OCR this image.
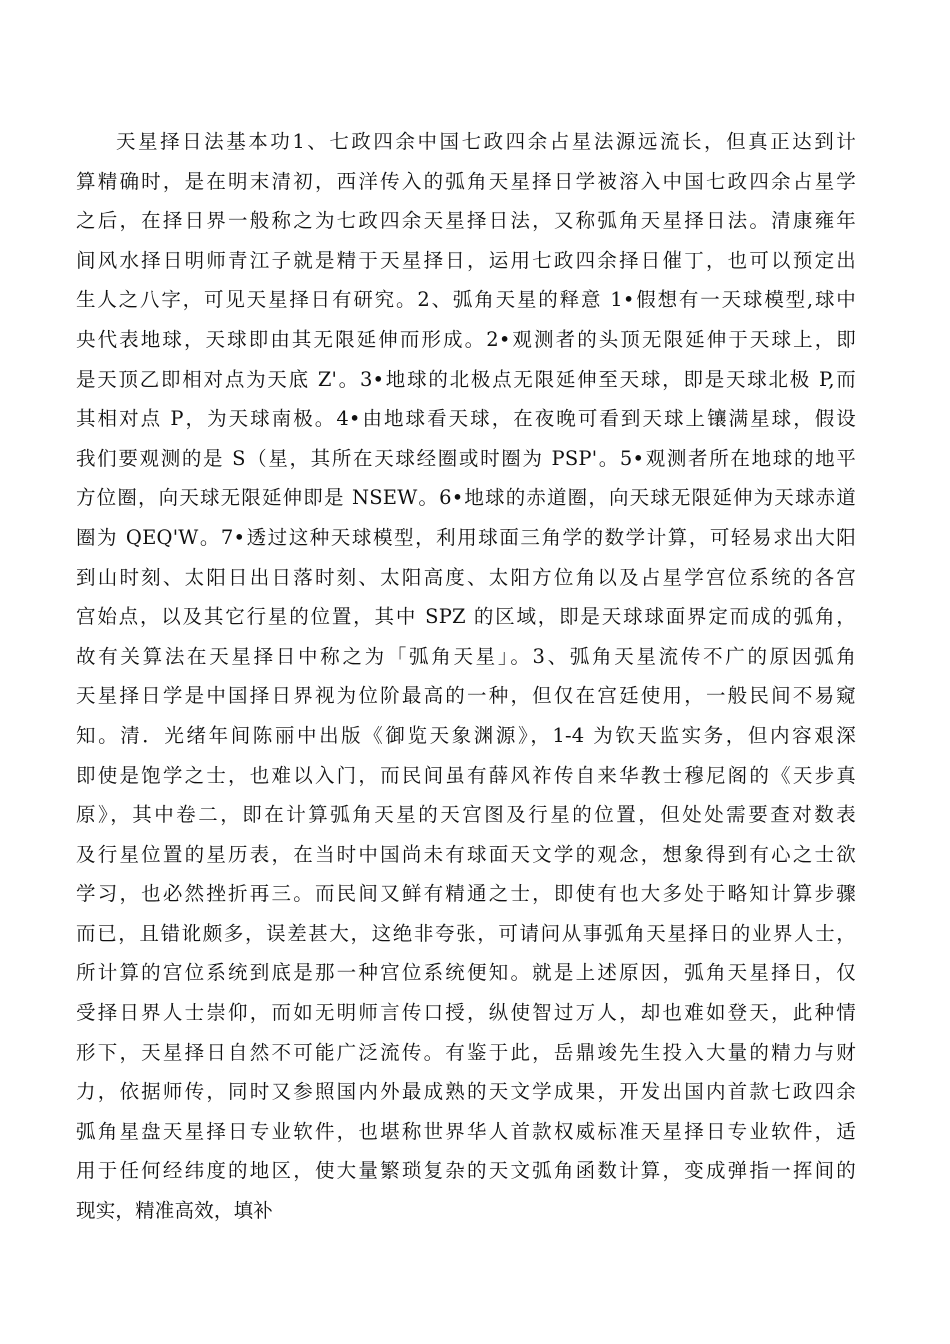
天星择日法基本功1、七政四余中国七政四余占星法源远流长，但真正达到计
算精确时，是在明末清初，西洋传入的弧角天星择日学被溶入中国七政四余占星学
之后，在择日界一般称之为七政四余天星择日法，又称弧角天星择日法。清康雍年
间风水择日明师青江子就是精于天星择日，运用七政四余择日催丁，也可以预定出
生人之八字，可见天星择日有研究。2、弧角天星的释意 1•假想有一天球模型,球中
央代表地球，天球即由其无限延伸而形成。2•观测者的头顶无限延伸于天球上，即
是天顶乙即相对点为天底 Z'。3•地球的北极点无限延伸至天球，即是天球北极 P,而
其相对点 P，为天球南极。4•由地球看天球，在夜晚可看到天球上镶满星球，假设
我们要观测的是 S（星，其所在天球经圈或时圈为 PSP'。5•观测者所在地球的地平
方位圈，向天球无限延伸即是 NSEW。6•地球的赤道圈，向天球无限延伸为天球赤道
圈为 QEQ'W。7•透过这种天球模型，利用球面三角学的数学计算，可轻易求出大阳
到山时刻、太阳日出日落时刻、太阳高度、太阳方位角以及占星学宫位系统的各宫
宫始点，以及其它行星的位置，其中 SPZ 的区域，即是天球球面界定而成的弧角，
故有关算法在天星择日中称之为「弧角天星」。3、弧角天星流传不广的原因弧角
天星择日学是中国择日界视为位阶最高的一种，但仅在宫廷使用，一般民间不易窥
知。清．光绪年间陈丽中出版《御览天象渊源》，1-4 为钦天监实务，但内容艰深
即使是饱学之士，也难以入门，而民间虽有薛风祚传自来华教士穆尼阁的《天步真
原》，其中卷二，即在计算弧角天星的天宫图及行星的位置，但处处需要查对数表
及行星位置的星历表，在当时中国尚未有球面天文学的观念，想象得到有心之士欲
学习，也必然挫折再三。而民间又鲜有精通之士，即使有也大多处于略知计算步骤
而已，且错讹颇多，误差甚大，这绝非夸张，可请问从事弧角天星择日的业界人士，
所计算的宫位系统到底是那一种宫位系统便知。就是上述原因，弧角天星择日，仅
受择日界人士崇仰，而如无明师言传口授，纵使智过万人，却也难如登天，此种情
形下，天星择日自然不可能广泛流传。有鉴于此，岳鼎竣先生投入大量的精力与财
力，依据师传，同时又参照国内外最成熟的天文学成果，开发出国内首款七政四余
弧角星盘天星择日专业软件，也堪称世界华人首款权威标准天星择日专业软件，适
用于任何经纬度的地区，使大量繁琐复杂的天文弧角函数计算，变成弹指一挥间的
现实，精准高效，填补
